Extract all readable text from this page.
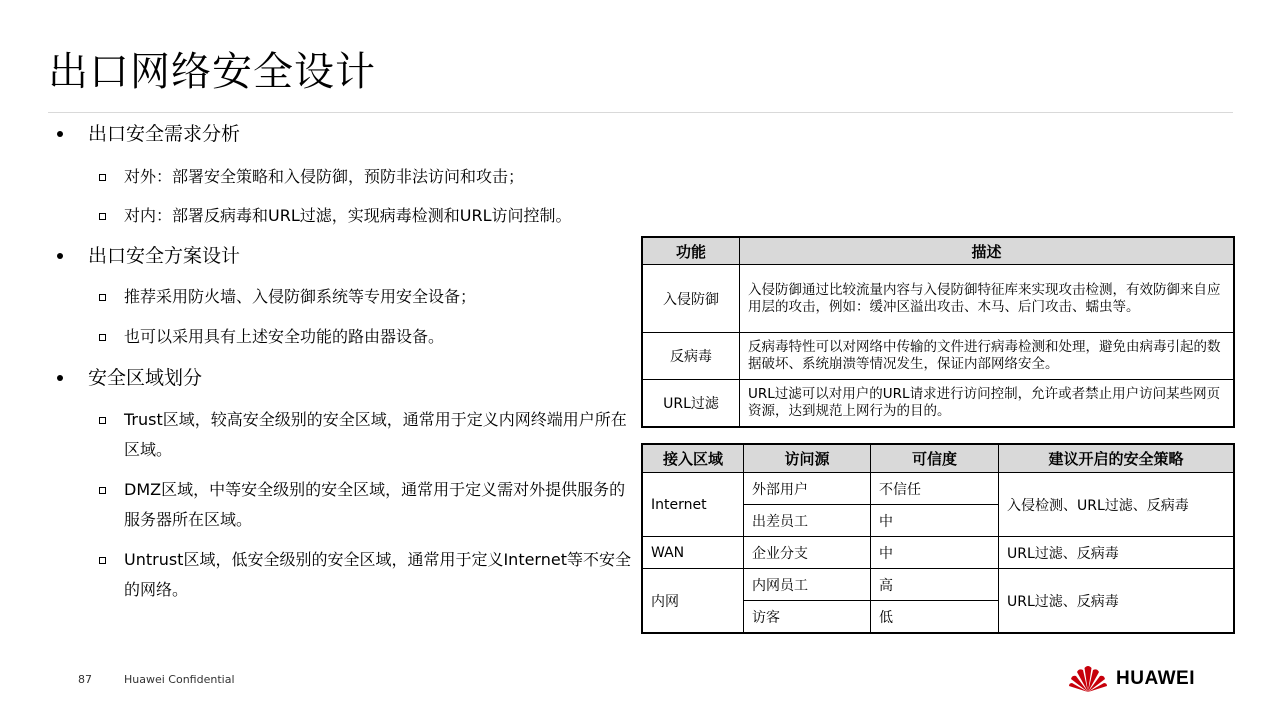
出口网络安全设计
出口安全需求分析
对外：部署安全策略和入侵防御，预防非法访问和攻击；
对内：部署反病毒和URL过滤，实现病毒检测和URL访问控制。
出口安全方案设计
推荐采用防火墙、入侵防御系统等专用安全设备；
也可以采用具有上述安全功能的路由器设备。
安全区域划分
Trust区域，较高安全级别的安全区域，通常用于定义内网终端用户所在区域。
DMZ区域，中等安全级别的安全区域，通常用于定义需对外提供服务的服务器所在区域。
Untrust区域，低安全级别的安全区域，通常用于定义Internet等不安全的网络。
功能	描述
入侵防御	入侵防御通过比较流量内容与入侵防御特征库来实现攻击检测，有效防御来自应用层的攻击，例如：缓冲区溢出攻击、木马、后门攻击、蠕虫等。
反病毒	反病毒特性可以对网络中传输的文件进行病毒检测和处理，避免由病毒引起的数据破坏、系统崩溃等情况发生，保证内部网络安全。
URL过滤	URL过滤可以对用户的URL请求进行访问控制，允许或者禁止用户访问某些网页资源，达到规范上网行为的目的。
接入区域	访问源	可信度	建议开启的安全策略
Internet	外部用户	不信任	入侵检测、URL过滤、反病毒
	出差员工	中	
WAN	企业分支	中	URL过滤、反病毒
内网	内网员工	高	URL过滤、反病毒
	访客	低	
87	Huawei Confidential	HUAWEI
